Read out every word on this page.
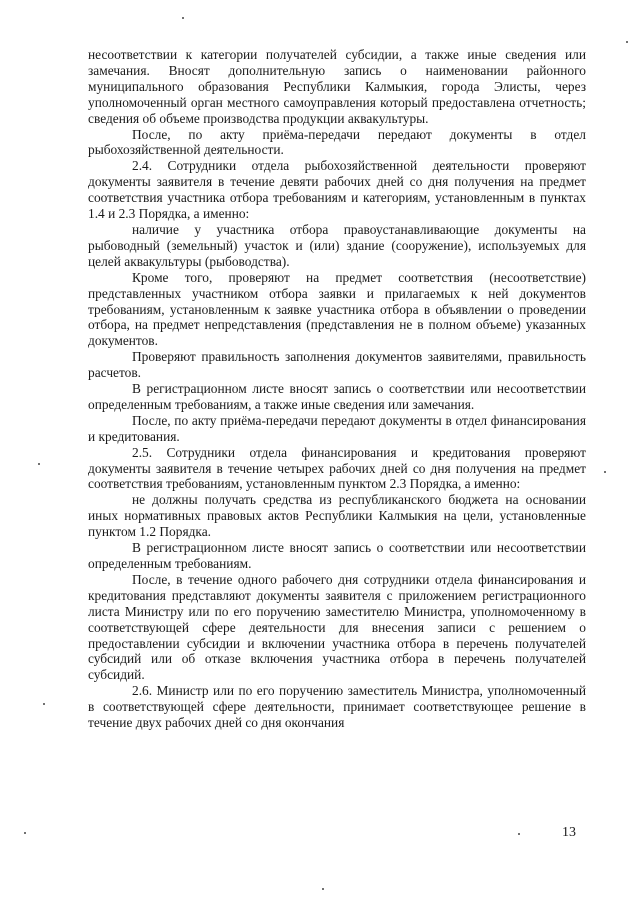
несоответствии к категории получателей субсидии, а также иные сведения или замечания. Вносят дополнительную запись о наименовании районного муниципального образования Республики Калмыкия, города Элисты, через уполномоченный орган местного самоуправления который предоставлена отчетность; сведения об объеме производства продукции аквакультуры.

После, по акту приёма-передачи передают документы в отдел рыбохозяйственной деятельности.

2.4. Сотрудники отдела рыбохозяйственной деятельности проверяют документы заявителя в течение девяти рабочих дней со дня получения на предмет соответствия участника отбора требованиям и категориям, установленным в пунктах 1.4 и 2.3 Порядка, а именно:

наличие у участника отбора правоустанавливающие документы на рыбоводный (земельный) участок и (или) здание (сооружение), используемых для целей аквакультуры (рыбоводства).

Кроме того, проверяют на предмет соответствия (несоответствие) представленных участником отбора заявки и прилагаемых к ней документов требованиям, установленным к заявке участника отбора в объявлении о проведении отбора, на предмет непредставления (представления не в полном объеме) указанных документов.

Проверяют правильность заполнения документов заявителями, правильность расчетов.

В регистрационном листе вносят запись о соответствии или несоответствии определенным требованиям, а также иные сведения или замечания.

После, по акту приёма-передачи передают документы в отдел финансирования и кредитования.

2.5. Сотрудники отдела финансирования и кредитования проверяют документы заявителя в течение четырех рабочих дней со дня получения на предмет соответствия требованиям, установленным пунктом 2.3 Порядка, а именно:

не должны получать средства из республиканского бюджета на основании иных нормативных правовых актов Республики Калмыкия на цели, установленные пунктом 1.2 Порядка.

В регистрационном листе вносят запись о соответствии или несоответствии определенным требованиям.

После, в течение одного рабочего дня сотрудники отдела финансирования и кредитования представляют документы заявителя с приложением регистрационного листа Министру или по его поручению заместителю Министра, уполномоченному в соответствующей сфере деятельности для внесения записи с решением о предоставлении субсидии и включении участника отбора в перечень получателей субсидий или об отказе включения участника отбора в перечень получателей субсидий.

2.6. Министр или по его поручению заместитель Министра, уполномоченный в соответствующей сфере деятельности, принимает соответствующее решение в течение двух рабочих дней со дня окончания

13
